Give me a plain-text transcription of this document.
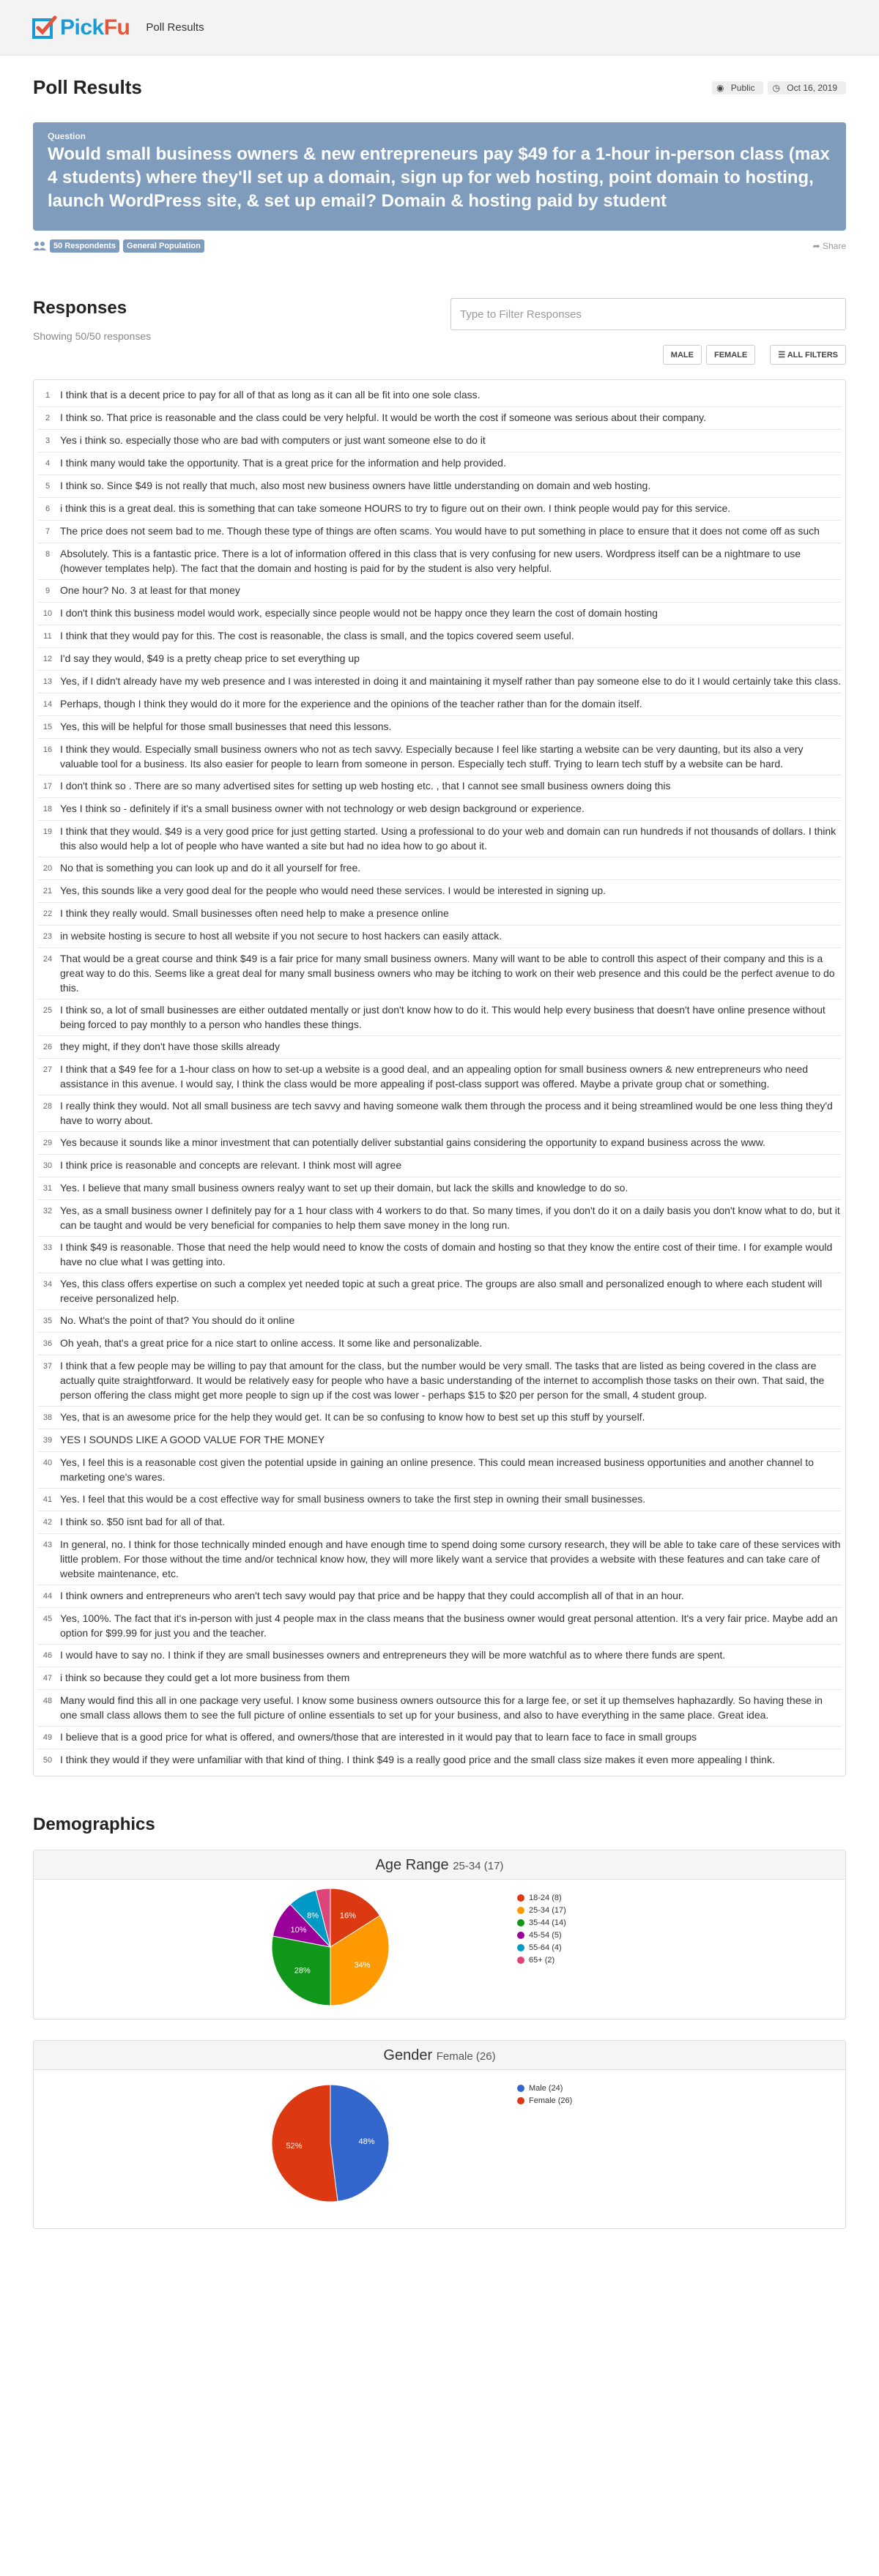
PickFu Poll Results
Poll Results	◉ Public	◷ Oct 16, 2019
Question
Would small business owners & new entrepreneurs pay $49 for a 1-hour in-person class (max 4 students) where they'll set up a domain, sign up for web hosting, point domain to hosting, launch WordPress site, & set up email? Domain & hosting paid by student
50 Respondents	General Population	➦ Share
Responses
Showing 50/50 responses
Type to Filter Responses
MALE	FEMALE	☰ ALL FILTERS
1 I think that is a decent price to pay for all of that as long as it can all be fit into one sole class.
2 I think so. That price is reasonable and the class could be very helpful. It would be worth the cost if someone was serious about their company.
3 Yes i think so. especially those who are bad with computers or just want someone else to do it
4 I think many would take the opportunity. That is a great price for the information and help provided.
5 I think so. Since $49 is not really that much, also most new business owners have little understanding on domain and web hosting.
6 i think this is a great deal. this is something that can take someone HOURS to try to figure out on their own. I think people would pay for this service.
7 The price does not seem bad to me. Though these type of things are often scams. You would have to put something in place to ensure that it does not come off as such
8 Absolutely. This is a fantastic price. There is a lot of information offered in this class that is very confusing for new users. Wordpress itself can be a nightmare to use (however templates help). The fact that the domain and hosting is paid for by the student is also very helpful.
9 One hour? No. 3 at least for that money
10 I don't think this business model would work, especially since people would not be happy once they learn the cost of domain hosting
11 I think that they would pay for this. The cost is reasonable, the class is small, and the topics covered seem useful.
12 I'd say they would, $49 is a pretty cheap price to set everything up
13 Yes, if I didn't already have my web presence and I was interested in doing it and maintaining it myself rather than pay someone else to do it I would certainly take this class.
14 Perhaps, though I think they would do it more for the experience and the opinions of the teacher rather than for the domain itself.
15 Yes, this will be helpful for those small businesses that need this lessons.
16 I think they would. Especially small business owners who not as tech savvy. Especially because I feel like starting a website can be very daunting, but its also a very valuable tool for a business. Its also easier for people to learn from someone in person. Especially tech stuff. Trying to learn tech stuff by a website can be hard.
17 I don't think so . There are so many advertised sites for setting up web hosting etc. , that I cannot see small business owners doing this
18 Yes I think so - definitely if it's a small business owner with not technology or web design background or experience.
19 I think that they would. $49 is a very good price for just getting started. Using a professional to do your web and domain can run hundreds if not thousands of dollars. I think this also would help a lot of people who have wanted a site but had no idea how to go about it.
20 No that is something you can look up and do it all yourself for free.
21 Yes, this sounds like a very good deal for the people who would need these services. I would be interested in signing up.
22 I think they really would. Small businesses often need help to make a presence online
23 in website hosting is secure to host all website if you not secure to host hackers can easily attack.
24 That would be a great course and think $49 is a fair price for many small business owners. Many will want to be able to controll this aspect of their company and this is a great way to do this. Seems like a great deal for many small business owners who may be itching to work on their web presence and this could be the perfect avenue to do this.
25 I think so, a lot of small businesses are either outdated mentally or just don't know how to do it. This would help every business that doesn't have online presence without being forced to pay monthly to a person who handles these things.
26 they might, if they don't have those skills already
27 I think that a $49 fee for a 1-hour class on how to set-up a website is a good deal, and an appealing option for small business owners & new entrepreneurs who need assistance in this avenue. I would say, I think the class would be more appealing if post-class support was offered. Maybe a private group chat or something.
28 I really think they would. Not all small business are tech savvy and having someone walk them through the process and it being streamlined would be one less thing they'd have to worry about.
29 Yes because it sounds like a minor investment that can potentially deliver substantial gains considering the opportunity to expand business across the www.
30 I think price is reasonable and concepts are relevant. I think most will agree
31 Yes. I believe that many small business owners realyy want to set up their domain, but lack the skills and knowledge to do so.
32 Yes, as a small business owner I definitely pay for a 1 hour class with 4 workers to do that. So many times, if you don't do it on a daily basis you don't know what to do, but it can be taught and would be very beneficial for companies to help them save money in the long run.
33 I think $49 is reasonable. Those that need the help would need to know the costs of domain and hosting so that they know the entire cost of their time. I for example would have no clue what I was getting into.
34 Yes, this class offers expertise on such a complex yet needed topic at such a great price. The groups are also small and personalized enough to where each student will receive personalized help.
35 No. What's the point of that? You should do it online
36 Oh yeah, that's a great price for a nice start to online access. It some like and personalizable.
37 I think that a few people may be willing to pay that amount for the class, but the number would be very small. The tasks that are listed as being covered in the class are actually quite straightforward. It would be relatively easy for people who have a basic understanding of the internet to accomplish those tasks on their own. That said, the person offering the class might get more people to sign up if the cost was lower - perhaps $15 to $20 per person for the small, 4 student group.
38 Yes, that is an awesome price for the help they would get. It can be so confusing to know how to best set up this stuff by yourself.
39 YES I SOUNDS LIKE A GOOD VALUE FOR THE MONEY
40 Yes, I feel this is a reasonable cost given the potential upside in gaining an online presence. This could mean increased business opportunities and another channel to marketing one's wares.
41 Yes. I feel that this would be a cost effective way for small business owners to take the first step in owning their small businesses.
42 I think so. $50 isnt bad for all of that.
43 In general, no. I think for those technically minded enough and have enough time to spend doing some cursory research, they will be able to take care of these services with little problem. For those without the time and/or technical know how, they will more likely want a service that provides a website with these features and can take care of website maintenance, etc.
44 I think owners and entrepreneurs who aren't tech savy would pay that price and be happy that they could accomplish all of that in an hour.
45 Yes, 100%. The fact that it's in-person with just 4 people max in the class means that the business owner would great personal attention. It's a very fair price. Maybe add an option for $99.99 for just you and the teacher.
46 I would have to say no. I think if they are small businesses owners and entrepreneurs they will be more watchful as to where there funds are spent.
47 i think so because they could get a lot more business from them
48 Many would find this all in one package very useful. I know some business owners outsource this for a large fee, or set it up themselves haphazardly. So having these in one small class allows them to see the full picture of online essentials to set up for your business, and also to have everything in the same place. Great idea.
49 I believe that is a good price for what is offered, and owners/those that are interested in it would pay that to learn face to face in small groups
50 I think they would if they were unfamiliar with that kind of thing. I think $49 is a really good price and the small class size makes it even more appealing I think.
Demographics
Age Range 25-34 (17)
16%
34%
28%
10%
8%
18-24 (8)
25-34 (17)
35-44 (14)
45-54 (5)
55-64 (4)
65+ (2)
Gender Female (26)
48%
52%
Male (24)
Female (26)
